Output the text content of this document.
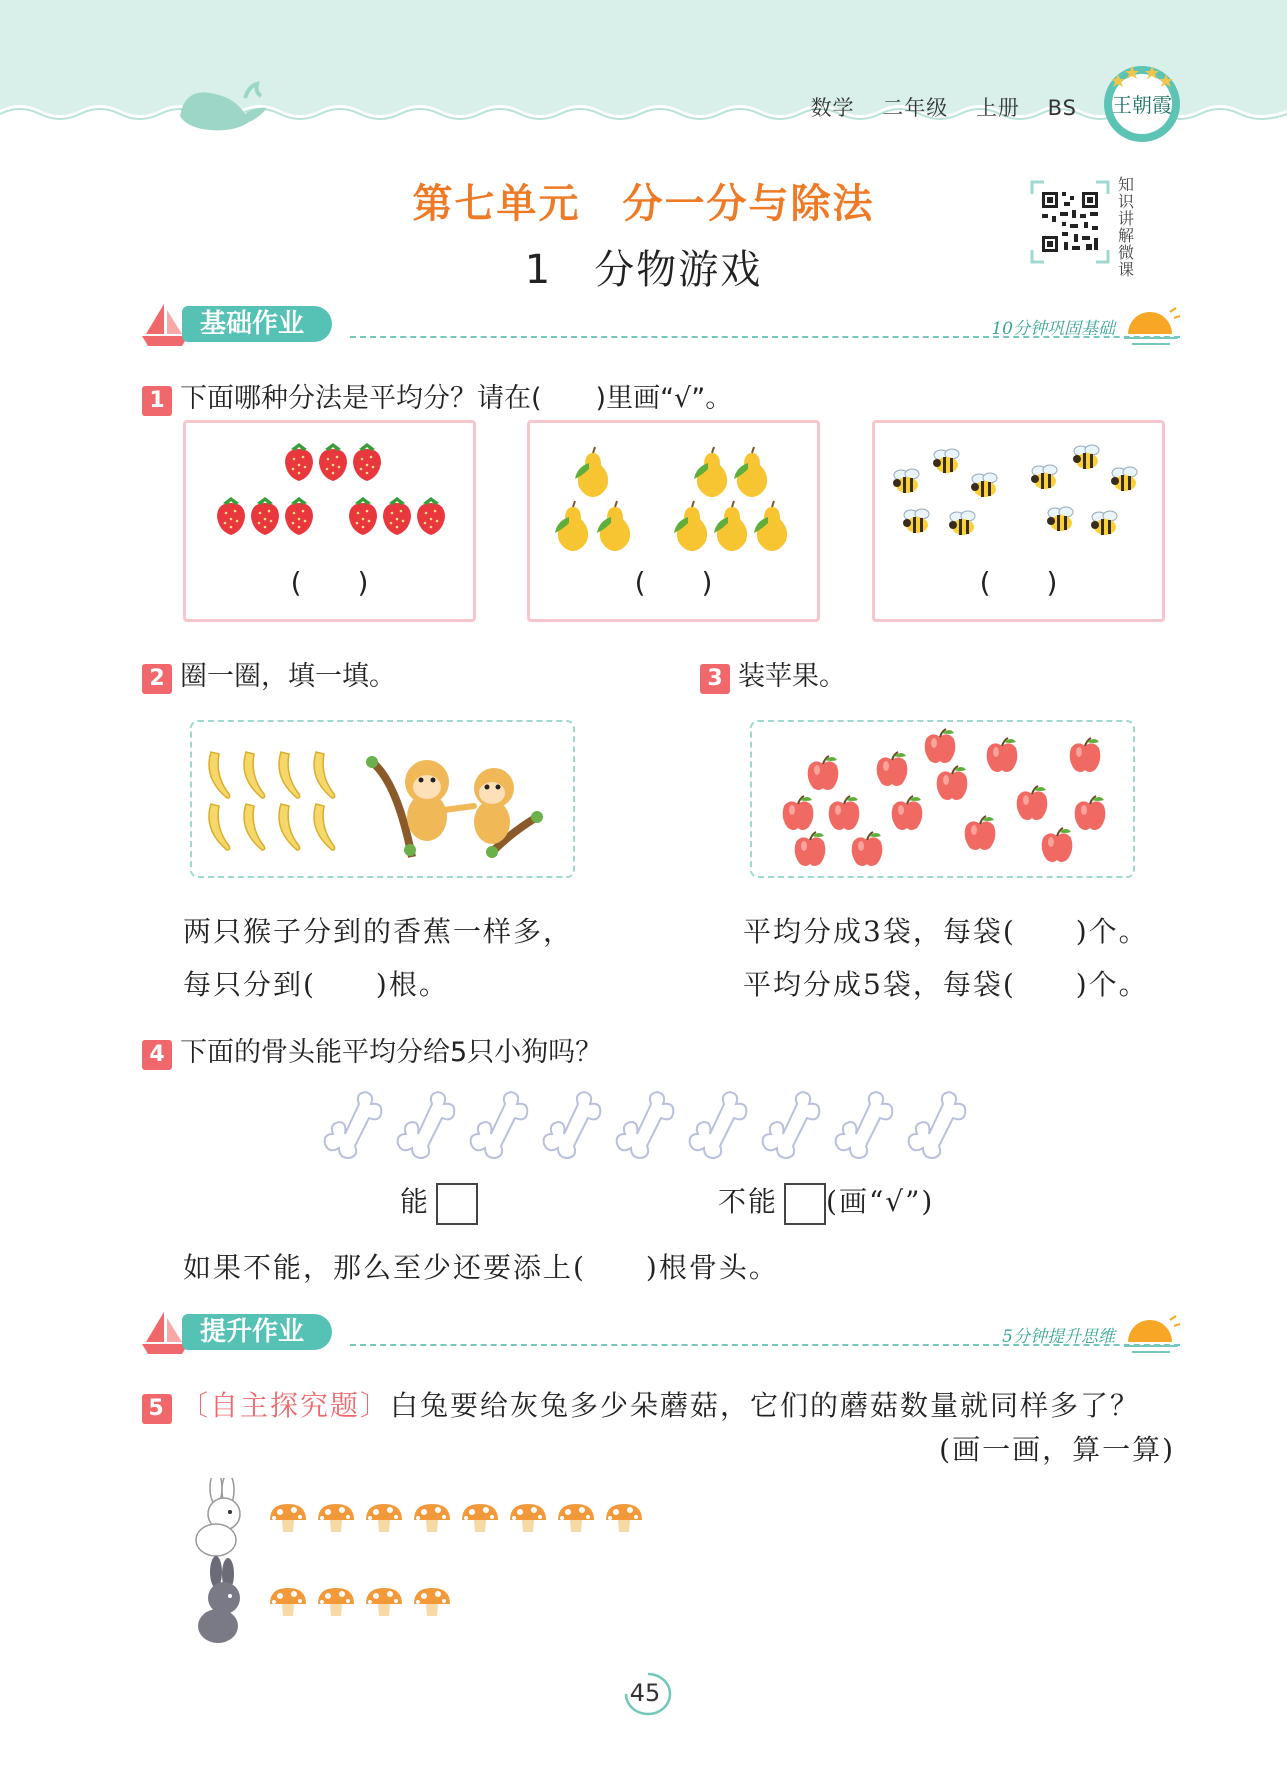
数学 二年级 上册 BS 王朝霞
第七单元　分一分与除法
1　分物游戏
知识讲解微课
基础作业	10分钟巩固基础
1 下面哪种分法是平均分？请在(　　)里画“√”。
(　　)	(　　)	(　　)
2 圈一圈，填一填。
两只猴子分到的香蕉一样多，
每只分到(　　)根。
3 装苹果。
平均分成3袋，每袋(　　)个。
平均分成5袋，每袋(　　)个。
4 下面的骨头能平均分给5只小狗吗？
能	不能 (画“√”)
如果不能，那么至少还要添上(　　)根骨头。
提升作业	5分钟提升思维
5 〔自主探究题〕白兔要给灰兔多少朵蘑菇，它们的蘑菇数量就同样多了？
(画一画，算一算)
45
